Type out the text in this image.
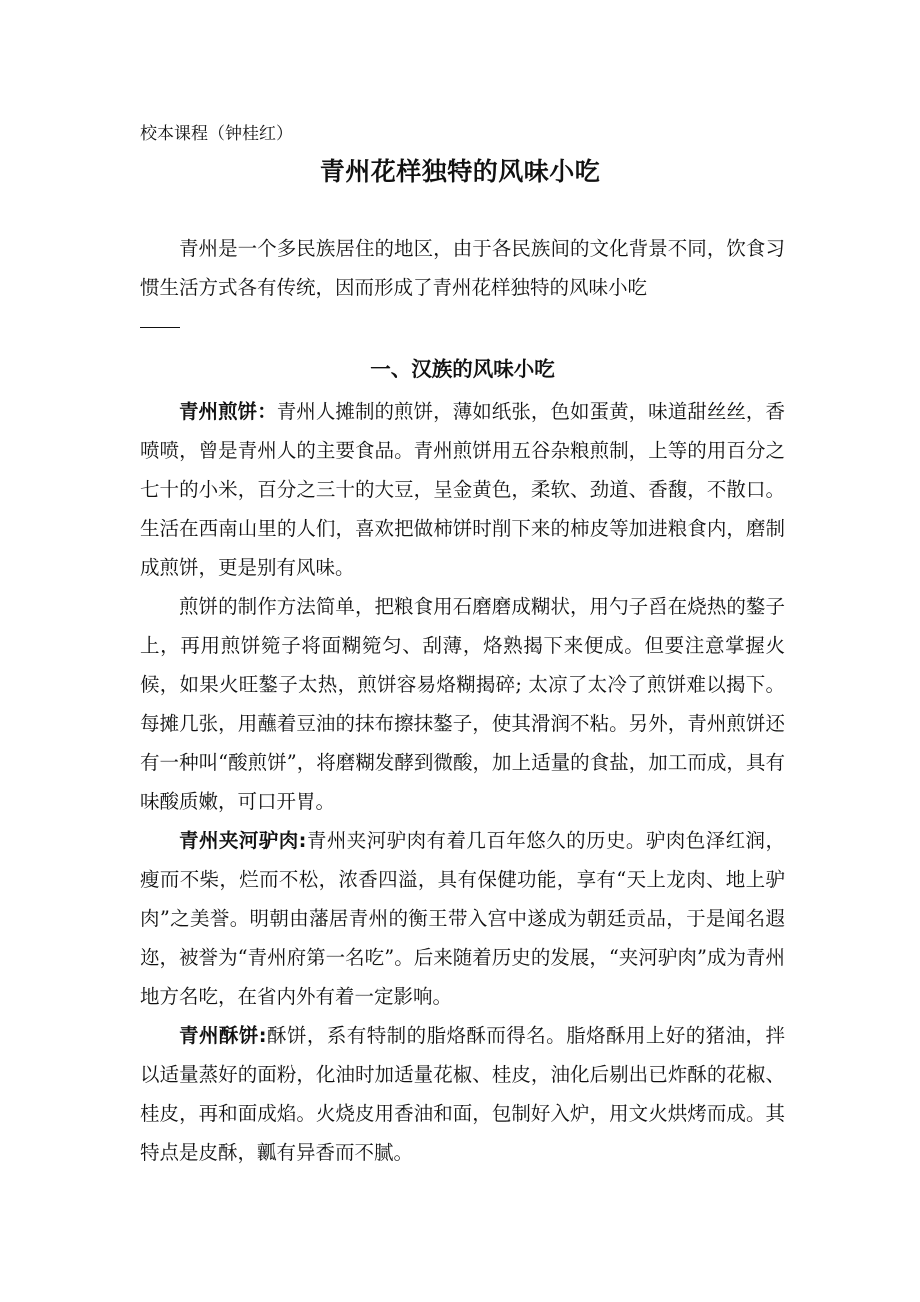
校本课程（钟桂红）
青州花样独特的风味小吃

青州是一个多民族居住的地区，由于各民族间的文化背景不同，饮食习惯生活方式各有传统，因而形成了青州花样独特的风味小吃

一、汉族的风味小吃

青州煎饼：青州人摊制的煎饼，薄如纸张，色如蛋黄，味道甜丝丝，香喷喷，曾是青州人的主要食品。青州煎饼用五谷杂粮煎制，上等的用百分之七十的小米，百分之三十的大豆，呈金黄色，柔软、劲道、香馥，不散口。生活在西南山里的人们，喜欢把做柿饼时削下来的柿皮等加进粮食内，磨制成煎饼，更是别有风味。

煎饼的制作方法简单，把粮食用石磨磨成糊状，用勺子舀在烧热的鏊子上，再用煎饼箢子将面糊箢匀、刮薄，烙熟揭下来便成。但要注意掌握火候，如果火旺鏊子太热，煎饼容易烙糊揭碎; 太凉了太冷了煎饼难以揭下。每摊几张，用蘸着豆油的抹布擦抹鏊子，使其滑润不粘。另外，青州煎饼还有一种叫“酸煎饼”，将磨糊发酵到微酸，加上适量的食盐，加工而成，具有味酸质嫩，可口开胃。

青州夹河驴肉:青州夹河驴肉有着几百年悠久的历史。驴肉色泽红润，瘦而不柴，烂而不松，浓香四溢，具有保健功能，享有“天上龙肉、地上驴肉”之美誉。明朝由藩居青州的衡王带入宫中遂成为朝廷贡品，于是闻名遐迩，被誉为“青州府第一名吃”。后来随着历史的发展，“夹河驴肉”成为青州地方名吃，在省内外有着一定影响。

青州酥饼:酥饼，系有特制的脂烙酥而得名。脂烙酥用上好的猪油，拌以适量蒸好的面粉，化油时加适量花椒、桂皮，油化后剔出已炸酥的花椒、桂皮，再和面成焰。火烧皮用香油和面，包制好入炉，用文火烘烤而成。其特点是皮酥，瓤有异香而不腻。
